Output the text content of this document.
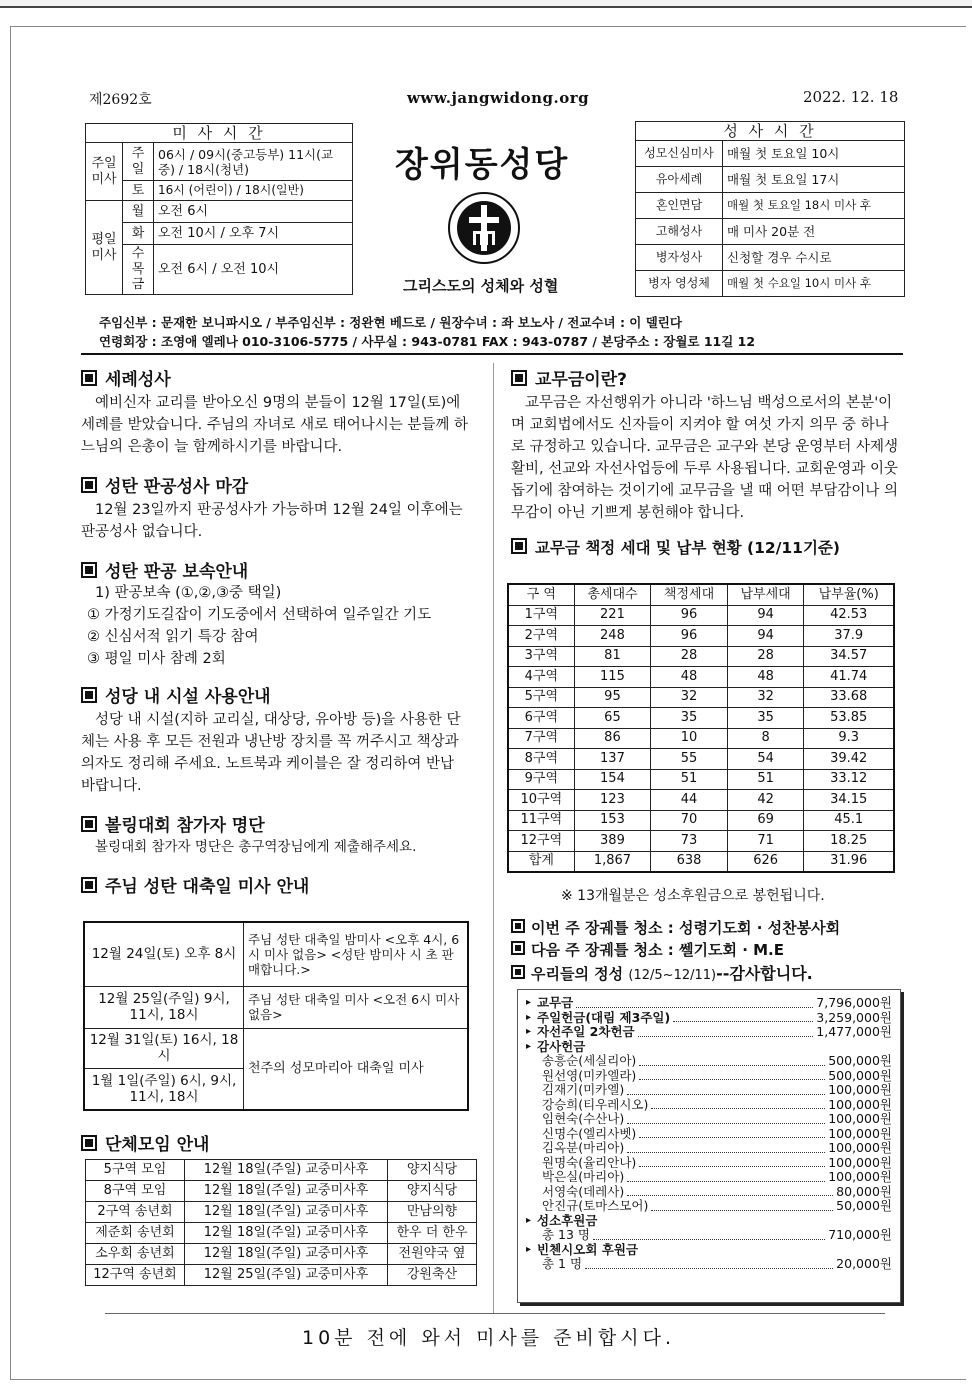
제2692호	www.jangwidong.org	2022. 12. 18
미 사 시 간		
주일 미사	주일	06시 / 09시(중고등부) 11시(교중) / 18시(청년)
	토	16시 (어린이) / 18시(일반)
평일 미사	월	오전 6시
	화	오전 10시 / 오후 7시
	수 목 금	오전 6시 / 오전 10시
장위동성당
그리스도의 성체와 성혈
성 사 시 간	
성모신심미사	매월 첫 토요일 10시
유아세례	매월 첫 토요일 17시
혼인면담	매월 첫 토요일 18시 미사 후
고해성사	매 미사 20분 전
병자성사	신청할 경우 수시로
병자 영성체	매월 첫 수요일 10시 미사 후
주임신부 : 문재한 보니파시오 / 부주임신부 : 정완현 베드로 / 원장수녀 : 좌 보노사 / 전교수녀 : 이 델린다
연령회장 : 조영애 엘레나 010-3106-5775 / 사무실 : 943-0781 FAX : 943-0787 / 본당주소 : 장월로 11길 12
세례성사
예비신자 교리를 받아오신 9명의 분들이 12월 17일(토)에 세례를 받았습니다. 주님의 자녀로 새로 태어나시는 분들께 하느님의 은총이 늘 함께하시기를 바랍니다.
성탄 판공성사 마감
12월 23일까지 판공성사가 가능하며 12월 24일 이후에는 판공성사 없습니다.
성탄 판공 보속안내
1) 판공보속 (①,②,③중 택일)
① 가정기도길잡이 기도중에서 선택하여 일주일간 기도
② 신심서적 읽기 특강 참여
③ 평일 미사 참례 2회
성당 내 시설 사용안내
성당 내 시설(지하 교리실, 대상당, 유아방 등)을 사용한 단체는 사용 후 모든 전원과 냉난방 장치를 꼭 꺼주시고 책상과 의자도 정리해 주세요. 노트북과 케이블은 잘 정리하여 반납 바랍니다.
볼링대회 참가자 명단
볼링대회 참가자 명단은 총구역장님에게 제출해주세요.
주님 성탄 대축일 미사 안내
12월 24일(토) 오후 8시	주님 성탄 대축일 밤미사 <오후 4시, 6시 미사 없음> <성탄 밤미사 시 초 판매합니다.>
12월 25일(주일) 9시, 11시, 18시	주님 성탄 대축일 미사 <오전 6시 미사 없음>
12월 31일(토) 16시, 18시	천주의 성모마리아 대축일 미사
1월 1일(주일) 6시, 9시, 11시, 18시	
단체모임 안내
5구역 모임	12월 18일(주일) 교중미사후	양지식당
8구역 모임	12월 18일(주일) 교중미사후	양지식당
2구역 송년회	12월 18일(주일) 교중미사후	만남의향
제준회 송년회	12월 18일(주일) 교중미사후	한우 더 한우
소우회 송년회	12월 18일(주일) 교중미사후	전원약국 옆
12구역 송년회	12월 25일(주일) 교중미사후	강원축산
교무금이란?
교무금은 자선행위가 아니라 '하느님 백성으로서의 본분'이며 교회법에서도 신자들이 지켜야 할 여섯 가지 의무 중 하나로 규정하고 있습니다. 교무금은 교구와 본당 운영부터 사제생활비, 선교와 자선사업등에 두루 사용됩니다. 교회운영과 이웃돕기에 참여하는 것이기에 교무금을 낼 때 어떤 부담감이나 의무감이 아닌 기쁘게 봉헌해야 합니다.
교무금 책정 세대 및 납부 현황 (12/11기준)
구 역	총세대수	책정세대	납부세대	납부율(%)
1구역	221	96	94	42.53
2구역	248	96	94	37.9
3구역	81	28	28	34.57
4구역	115	48	48	41.74
5구역	95	32	32	33.68
6구역	65	35	35	53.85
7구역	86	10	8	9.3
8구역	137	55	54	39.42
9구역	154	51	51	33.12
10구역	123	44	42	34.15
11구역	153	70	69	45.1
12구역	389	73	71	18.25
합계	1,867	638	626	31.96
※ 13개월분은 성소후원금으로 봉헌됩니다.
이번 주 장궤틀 청소 : 성령기도회 · 성찬봉사회
다음 주 장궤틀 청소 : 쎌기도회 · M.E
우리들의 정성 (12/5~12/11)--감사합니다.
▸ 교무금	7,796,000원
▸ 주일헌금(대림 제3주일)	3,259,000원
▸ 자선주일 2차헌금	1,477,000원
▸ 감사헌금
송흥순(세실리아)	500,000원
원선영(미카엘라)	500,000원
김재기(미카엘)	100,000원
강승희(티우레시오)	100,000원
임현숙(수산나)	100,000원
신명수(엘리사벳)	100,000원
김옥분(마리아)	100,000원
원명숙(율리안나)	100,000원
박은실(마리아)	100,000원
서영숙(데레사)	80,000원
안진규(토마스모어)	50,000원
▸ 성소후원금
총 13 명	710,000원
▸ 빈첸시오회 후원금
총 1 명	20,000원
10분 전에 와서 미사를 준비합시다.
